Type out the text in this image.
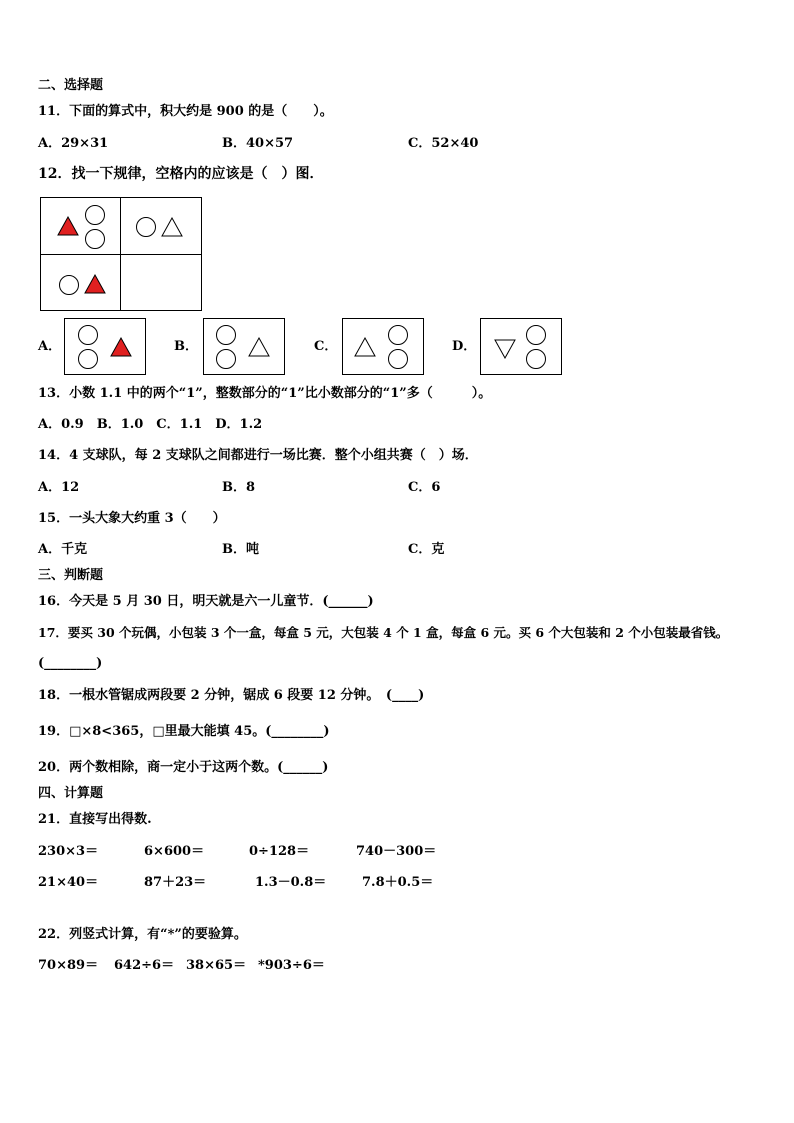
二、选择题
11．下面的算式中，积大约是 900 的是（　　）。
A．29×31	B．40×57	C．52×40
12．找一下规律，空格内的应该是（　）图．
A．	B．	C．	D．
13．小数 1.1 中的两个“1”，整数部分的“1”比小数部分的“1”多（　　　）。
A．0.9　B．1.0　C．1.1　D．1.2
14．4 支球队，每 2 支球队之间都进行一场比赛．整个小组共赛（　）场．
A．12	B．8	C．6
15．一头大象大约重 3（　　）
A．千克	B．吨	C．克
三、判断题
16．今天是 5 月 30 日，明天就是六一儿童节．(______)
17．要买 30 个玩偶，小包装 3 个一盒，每盒 5 元，大包装 4 个 1 盒，每盒 6 元。买 6 个大包装和 2 个小包装最省钱。
(________)
18．一根水管锯成两段要 2 分钟，锯成 6 段要 12 分钟。　(____)
19．□×8<365，□里最大能填 45。(________)
20．两个数相除，商一定小于这两个数。(______)
四、计算题
21．直接写出得数.
230×3＝	6×600＝	0÷128＝	740－300＝
21×40＝	87＋23＝	1.3－0.8＝	7.8＋0.5＝
22．列竖式计算，有“*”的要验算。
70×89＝ 642÷6＝ 38×65＝ *903÷6＝
